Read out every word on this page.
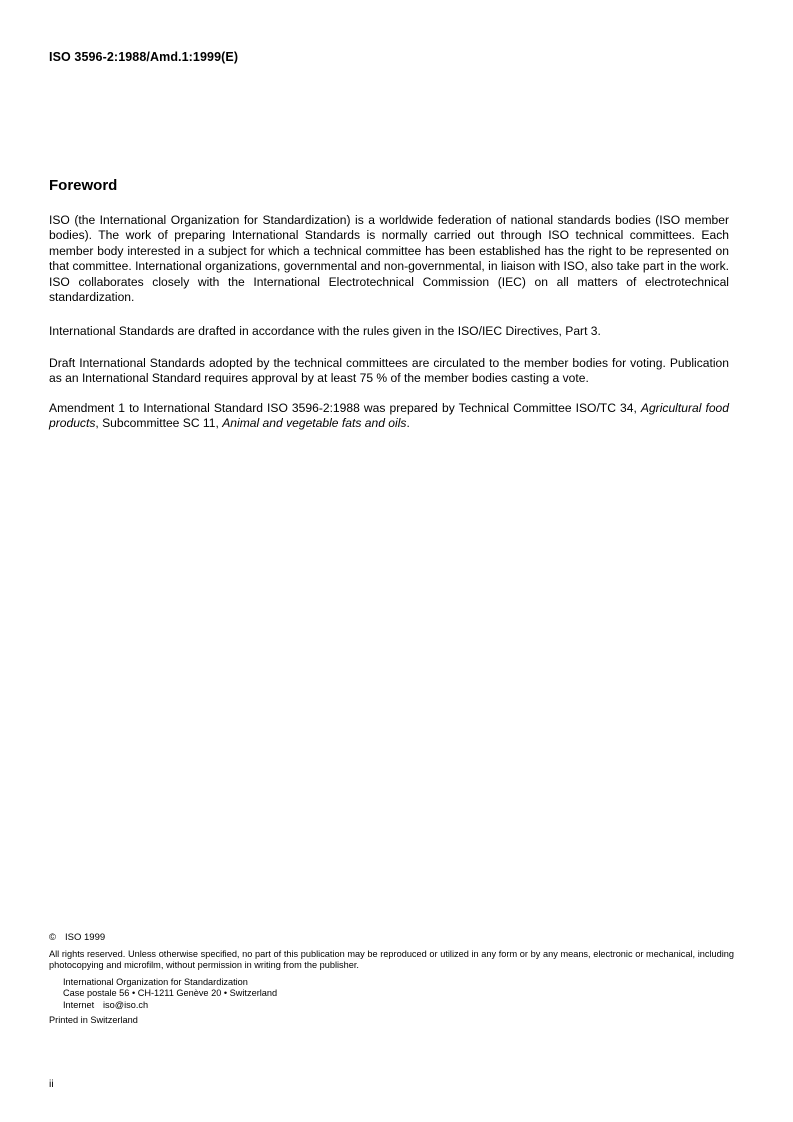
ISO 3596-2:1988/Amd.1:1999(E)
Foreword

ISO (the International Organization for Standardization) is a worldwide federation of national standards bodies (ISO member bodies). The work of preparing International Standards is normally carried out through ISO technical committees. Each member body interested in a subject for which a technical committee has been established has the right to be represented on that committee. International organizations, governmental and non-governmental, in liaison with ISO, also take part in the work. ISO collaborates closely with the International Electrotechnical Commission (IEC) on all matters of electrotechnical standardization.

International Standards are drafted in accordance with the rules given in the ISO/IEC Directives, Part 3.

Draft International Standards adopted by the technical committees are circulated to the member bodies for voting. Publication as an International Standard requires approval by at least 75 % of the member bodies casting a vote.

Amendment 1 to International Standard ISO 3596-2:1988 was prepared by Technical Committee ISO/TC 34, Agricultural food products, Subcommittee SC 11, Animal and vegetable fats and oils.

© ISO 1999
All rights reserved. Unless otherwise specified, no part of this publication may be reproduced or utilized in any form or by any means, electronic or mechanical, including photocopying and microfilm, without permission in writing from the publisher.
International Organization for Standardization
Case postale 56 • CH-1211 Genève 20 • Switzerland
Internet iso@iso.ch
Printed in Switzerland
ii
